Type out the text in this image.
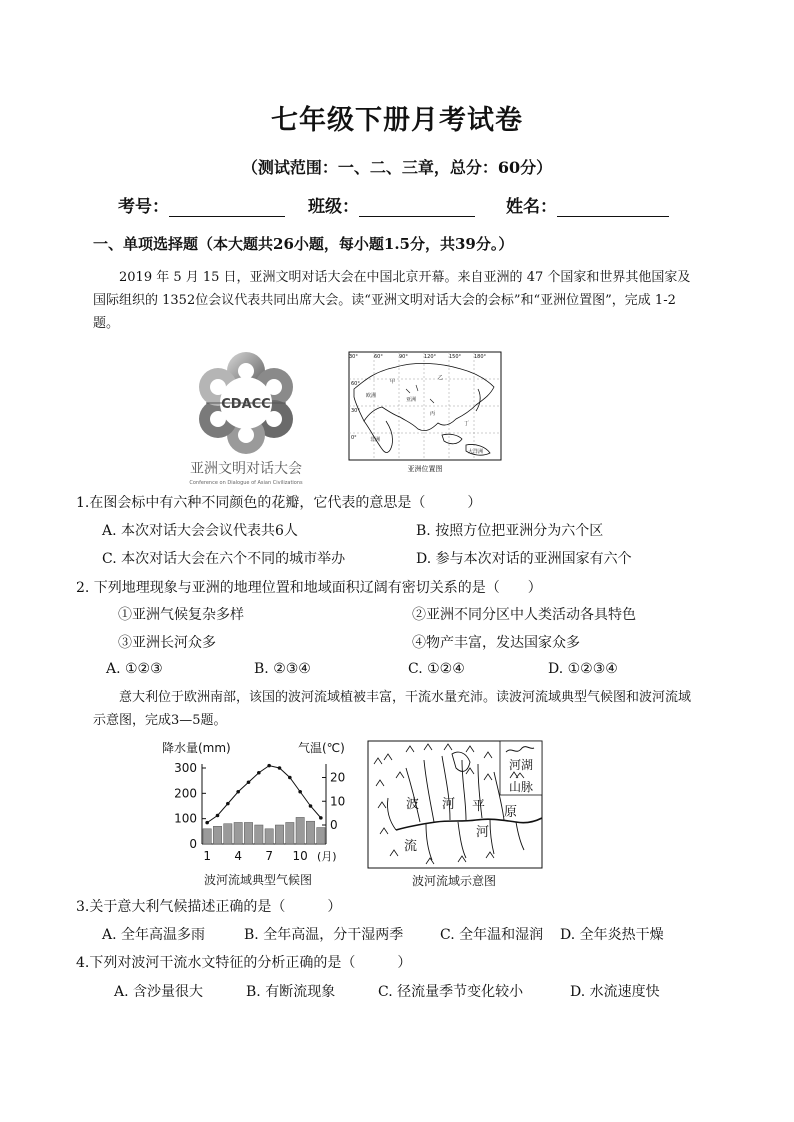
七年级下册月考试卷
（测试范围：一、二、三章，总分：60分）
考号：	班级：	姓名：
一、单项选择题（本大题共26小题，每小题1.5分，共39分。）
2019 年 5 月 15 日，亚洲文明对话大会在中国北京开幕。来自亚洲的 47 个国家和世界其他国家及国际组织的 1352位会议代表共同出席大会。读“亚洲文明对话大会的会标”和“亚洲位置图”，完成 1-2 题。
CDACC
亚洲文明对话大会
Conference on Dialogue of Asian Civilizations
30°	60°	90°	120°	150°	180°
60°
30°
0°
欧洲
亚洲
非洲
大洋洲
甲
乙
丙
丁
亚洲位置图
1.在图会标中有六种不同颜色的花瓣，它代表的意思是（　　　）
A. 本次对话大会会议代表共6人	B. 按照方位把亚洲分为六个区
C. 本次对话大会在六个不同的城市举办	D. 参与本次对话的亚洲国家有六个
2. 下列地理现象与亚洲的地理位置和地域面积辽阔有密切关系的是（　　）
①亚洲气候复杂多样	②亚洲不同分区中人类活动各具特色
③亚洲长河众多	④物产丰富，发达国家众多
A. ①②③	B. ②③④	C. ①②④	D. ①②③④
意大利位于欧洲南部，该国的波河流域植被丰富，干流水量充沛。读波河流域典型气候图和波河流域示意图，完成3—5题。
降水量(mm)	气温(℃)
0
100
200
300
0
10
20
1 4 7 10 (月)
波河流域典型气候图
河湖
山脉
波 河 平 原
河
流
波河流域示意图
3.关于意大利气候描述正确的是（　　　）
A. 全年高温多雨	B. 全年高温，分干湿两季	C. 全年温和湿润 D. 全年炎热干燥
4.下列对波河干流水文特征的分析正确的是（　　　）
A. 含沙量很大	B. 有断流现象	C. 径流量季节变化较小	D. 水流速度快
